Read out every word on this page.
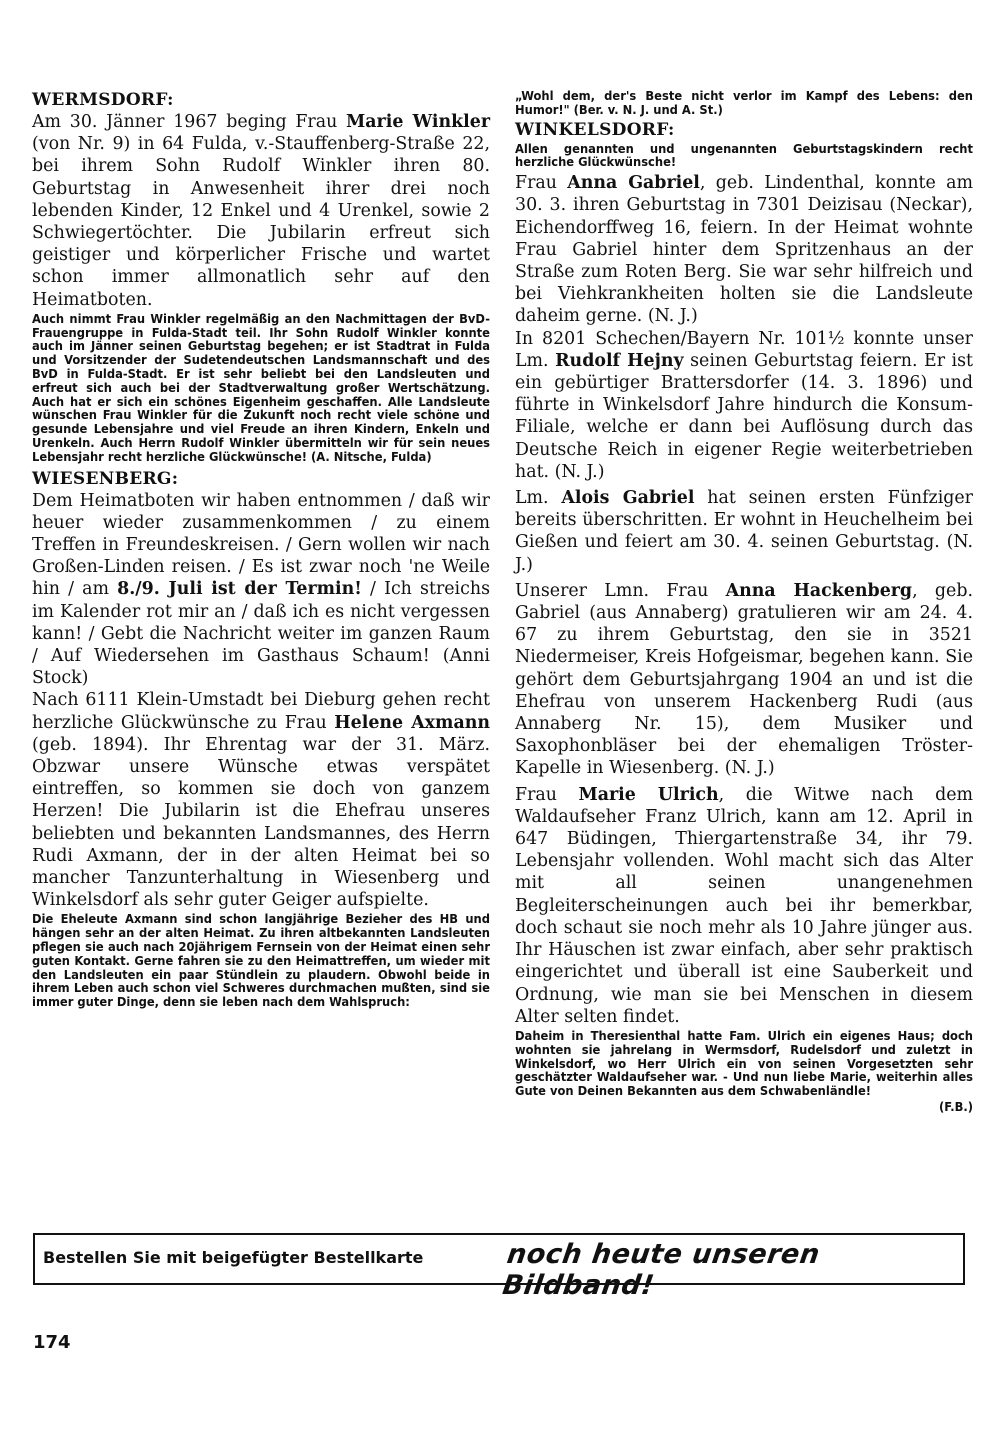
WERMSDORF:

Am 30. Jänner 1967 beging Frau Marie Winkler (von Nr. 9) in 64 Fulda, v.-Stauffenberg-Straße 22, bei ihrem Sohn Rudolf Winkler ihren 80. Geburtstag in Anwesenheit ihrer drei noch lebenden Kinder, 12 Enkel und 4 Urenkel, sowie 2 Schwiegertöchter. Die Jubilarin erfreut sich geistiger und körperlicher Frische und wartet schon immer allmonatlich sehr auf den Heimatboten.

Auch nimmt Frau Winkler regelmäßig an den Nachmittagen der BvD-Frauengruppe in Fulda-Stadt teil. Ihr Sohn Rudolf Winkler konnte auch im Jänner seinen Geburtstag begehen; er ist Stadtrat in Fulda und Vorsitzender der Sudetendeutschen Landsmannschaft und des BvD in Fulda-Stadt. Er ist sehr beliebt bei den Landsleuten und erfreut sich auch bei der Stadtverwaltung großer Wertschätzung. Auch hat er sich ein schönes Eigenheim geschaffen. Alle Landsleute wünschen Frau Winkler für die Zukunft noch recht viele schöne und gesunde Lebensjahre und viel Freude an ihren Kindern, Enkeln und Urenkeln. Auch Herrn Rudolf Winkler übermitteln wir für sein neues Lebensjahr recht herzliche Glückwünsche! (A. Nitsche, Fulda)

WIESENBERG:

Dem Heimatboten wir haben entnommen / daß wir heuer wieder zusammenkommen / zu einem Treffen in Freundeskreisen. / Gern wollen wir nach Großen-Linden reisen. / Es ist zwar noch 'ne Weile hin / am 8./9. Juli ist der Termin! / Ich streichs im Kalender rot mir an / daß ich es nicht vergessen kann! / Gebt die Nachricht weiter im ganzen Raum / Auf Wiedersehen im Gasthaus Schaum! (Anni Stock)

Nach 6111 Klein-Umstadt bei Dieburg gehen recht herzliche Glückwünsche zu Frau Helene Axmann (geb. 1894). Ihr Ehrentag war der 31. März. Obzwar unsere Wünsche etwas verspätet eintreffen, so kommen sie doch von ganzem Herzen! Die Jubilarin ist die Ehefrau unseres beliebten und bekannten Landsmannes, des Herrn Rudi Axmann, der in der alten Heimat bei so mancher Tanzunterhaltung in Wiesenberg und Winkelsdorf als sehr guter Geiger aufspielte.

Die Eheleute Axmann sind schon langjährige Bezieher des HB und hängen sehr an der alten Heimat. Zu ihren altbekannten Landsleuten pflegen sie auch nach 20jährigem Fernsein von der Heimat einen sehr guten Kontakt. Gerne fahren sie zu den Heimattreffen, um wieder mit den Landsleuten ein paar Stündlein zu plaudern. Obwohl beide in ihrem Leben auch schon viel Schweres durchmachen mußten, sind sie immer guter Dinge, denn sie leben nach dem Wahlspruch:

„Wohl dem, der's Beste nicht verlor im Kampf des Lebens: den Humor!" (Ber. v. N. J. und A. St.)

WINKELSDORF:

Allen genannten und ungenannten Geburtstagskindern recht herzliche Glückwünsche!

Frau Anna Gabriel, geb. Lindenthal, konnte am 30. 3. ihren Geburtstag in 7301 Deizisau (Neckar), Eichendorffweg 16, feiern. In der Heimat wohnte Frau Gabriel hinter dem Spritzenhaus an der Straße zum Roten Berg. Sie war sehr hilfreich und bei Viehkrankheiten holten sie die Landsleute daheim gerne. (N. J.)

In 8201 Schechen/Bayern Nr. 101½ konnte unser Lm. Rudolf Hejny seinen Geburtstag feiern. Er ist ein gebürtiger Brattersdorfer (14. 3. 1896) und führte in Winkelsdorf Jahre hindurch die Konsum-Filiale, welche er dann bei Auflösung durch das Deutsche Reich in eigener Regie weiterbetrieben hat. (N. J.)

Lm. Alois Gabriel hat seinen ersten Fünfziger bereits überschritten. Er wohnt in Heuchelheim bei Gießen und feiert am 30. 4. seinen Geburtstag. (N. J.)

Unserer Lmn. Frau Anna Hackenberg, geb. Gabriel (aus Annaberg) gratulieren wir am 24. 4. 67 zu ihrem Geburtstag, den sie in 3521 Niedermeiser, Kreis Hofgeismar, begehen kann. Sie gehört dem Geburtsjahrgang 1904 an und ist die Ehefrau von unserem Hackenberg Rudi (aus Annaberg Nr. 15), dem Musiker und Saxophonbläser bei der ehemaligen Tröster-Kapelle in Wiesenberg. (N. J.)

Frau Marie Ulrich, die Witwe nach dem Waldaufseher Franz Ulrich, kann am 12. April in 647 Büdingen, Thiergartenstraße 34, ihr 79. Lebensjahr vollenden. Wohl macht sich das Alter mit all seinen unangenehmen Begleiterscheinungen auch bei ihr bemerkbar, doch schaut sie noch mehr als 10 Jahre jünger aus. Ihr Häuschen ist zwar einfach, aber sehr praktisch eingerichtet und überall ist eine Sauberkeit und Ordnung, wie man sie bei Menschen in diesem Alter selten findet.

Daheim in Theresienthal hatte Fam. Ulrich ein eigenes Haus; doch wohnten sie jahrelang in Wermsdorf, Rudelsdorf und zuletzt in Winkelsdorf, wo Herr Ulrich ein von seinen Vorgesetzten sehr geschätzter Waldaufseher war. - Und nun liebe Marie, weiterhin alles Gute von Deinen Bekannten aus dem Schwabenländle!

(F.B.)

Bestellen Sie mit beigefügter Bestellkarte	noch heute unseren Bildband!
174
